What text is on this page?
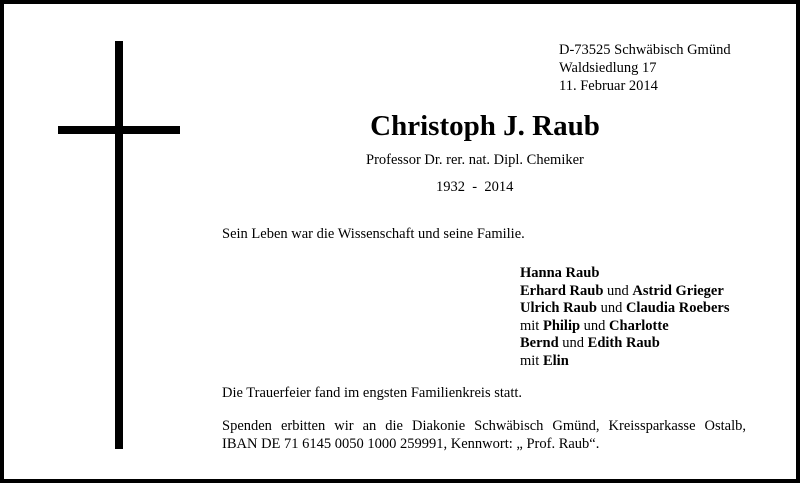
D-73525 Schwäbisch Gmünd
Waldsiedlung 17
11. Februar 2014
Christoph J. Raub
Professor Dr. rer. nat. Dipl. Chemiker
1932  -  2014
Sein Leben war die Wissenschaft und seine Familie.
Hanna Raub
Erhard Raub und Astrid Grieger
Ulrich Raub und Claudia Roebers
mit Philip und Charlotte
Bernd und Edith Raub
mit Elin
Die Trauerfeier fand im engsten Familienkreis statt.
Spenden erbitten wir an die Diakonie Schwäbisch Gmünd, Kreissparkasse Ostalb,
IBAN DE 71 6145 0050 1000 259991, Kennwort: „ Prof. Raub“.
